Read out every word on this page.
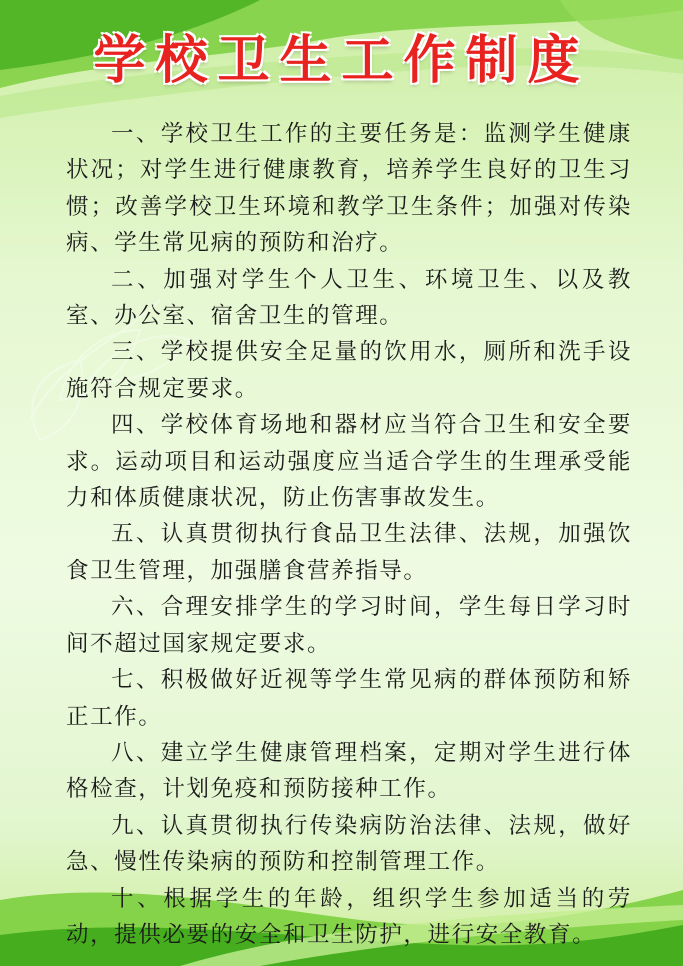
学校卫生工作制度

一、学校卫生工作的主要任务是：监测学生健康状况；对学生进行健康教育，培养学生良好的卫生习惯；改善学校卫生环境和教学卫生条件；加强对传染病、学生常见病的预防和治疗。

二、加强对学生个人卫生、环境卫生、以及教室、办公室、宿舍卫生的管理。

三、学校提供安全足量的饮用水，厕所和洗手设施符合规定要求。

四、学校体育场地和器材应当符合卫生和安全要求。运动项目和运动强度应当适合学生的生理承受能力和体质健康状况，防止伤害事故发生。

五、认真贯彻执行食品卫生法律、法规，加强饮食卫生管理，加强膳食营养指导。

六、合理安排学生的学习时间，学生每日学习时间不超过国家规定要求。

七、积极做好近视等学生常见病的群体预防和矫正工作。

八、建立学生健康管理档案，定期对学生进行体格检查，计划免疫和预防接种工作。

九、认真贯彻执行传染病防治法律、法规，做好急、慢性传染病的预防和控制管理工作。

十、根据学生的年龄，组织学生参加适当的劳动，提供必要的安全和卫生防护，进行安全教育。
